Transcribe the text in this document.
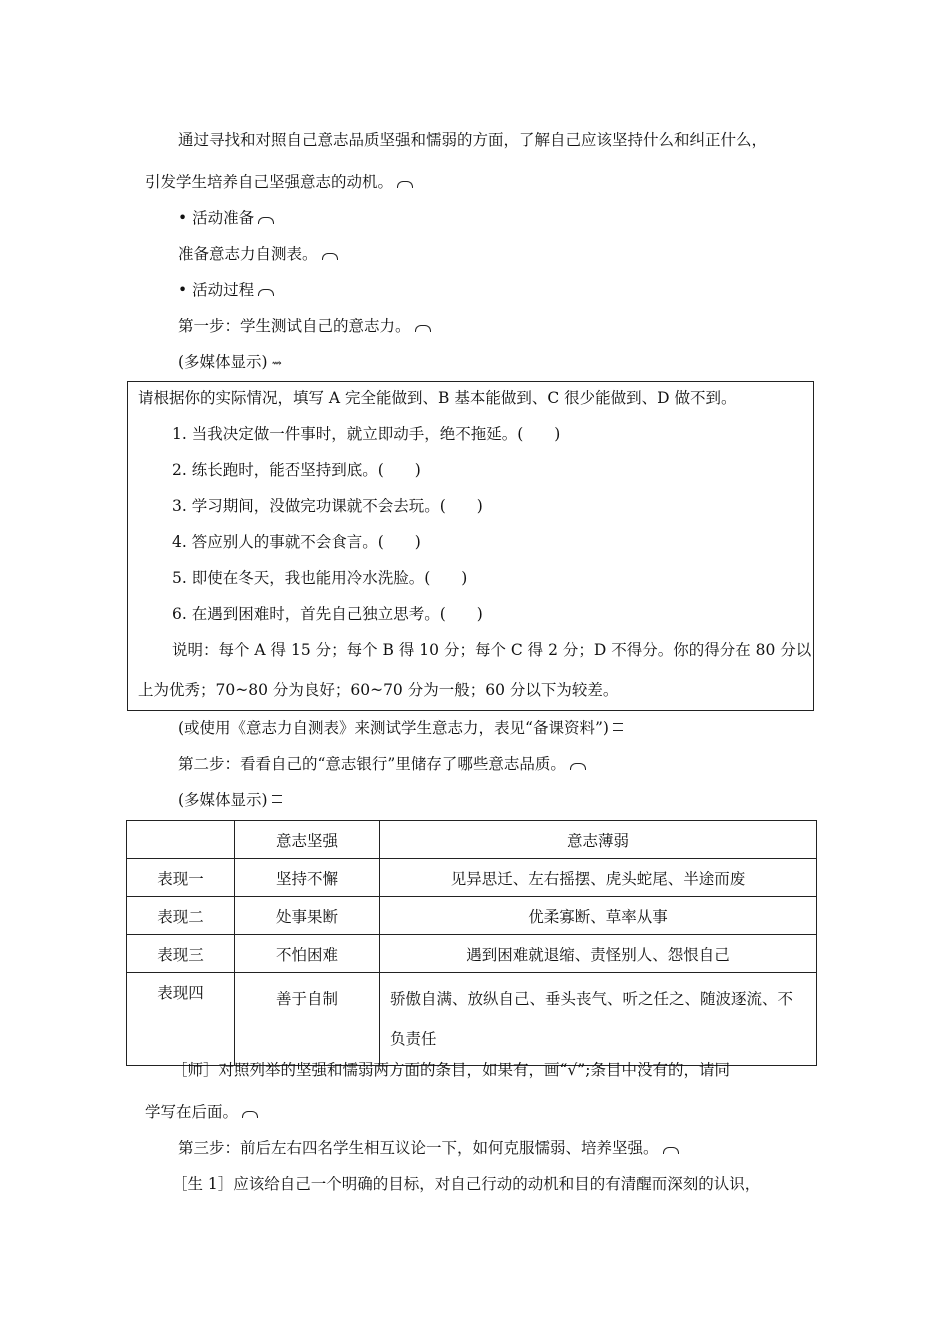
通过寻找和对照自己意志品质坚强和懦弱的方面，了解自己应该坚持什么和纠正什么，
引发学生培养自己坚强意志的动机。
• 活动准备
准备意志力自测表。
• 活动过程
第一步：学生测试自己的意志力。
(多媒体显示) ⇝
请根据你的实际情况，填写 A 完全能做到、B 基本能做到、C 很少能做到、D 做不到。
1. 当我决定做一件事时，就立即动手，绝不拖延。(　　)
2. 练长跑时，能否坚持到底。(　　)
3. 学习期间，没做完功课就不会去玩。(　　)
4. 答应别人的事就不会食言。(　　)
5. 即使在冬天，我也能用冷水洗脸。(　　)
6. 在遇到困难时，首先自己独立思考。(　　)
说明：每个 A 得 15 分；每个 B 得 10 分；每个 C 得 2 分；D 不得分。你的得分在 80 分以
上为优秀；70~80 分为良好；60~70 分为一般；60 分以下为较差。
(或使用《意志力自测表》来测试学生意志力，表见“备课资料”)
第二步：看看自己的“意志银行”里储存了哪些意志品质。
(多媒体显示)
	意志坚强	意志薄弱
表现一	坚持不懈	见异思迁、左右摇摆、虎头蛇尾、半途而废
表现二	处事果断	优柔寡断、草率从事
表现三	不怕困难	遇到困难就退缩、责怪别人、怨恨自己
表现四	善于自制	骄傲自满、放纵自己、垂头丧气、听之任之、随波逐流、不负责任
［师］对照列举的坚强和懦弱两方面的条目，如果有，画“√”;条目中没有的，请同
学写在后面。
第三步：前后左右四名学生相互议论一下，如何克服懦弱、培养坚强。
［生 1］应该给自己一个明确的目标，对自己行动的动机和目的有清醒而深刻的认识，
